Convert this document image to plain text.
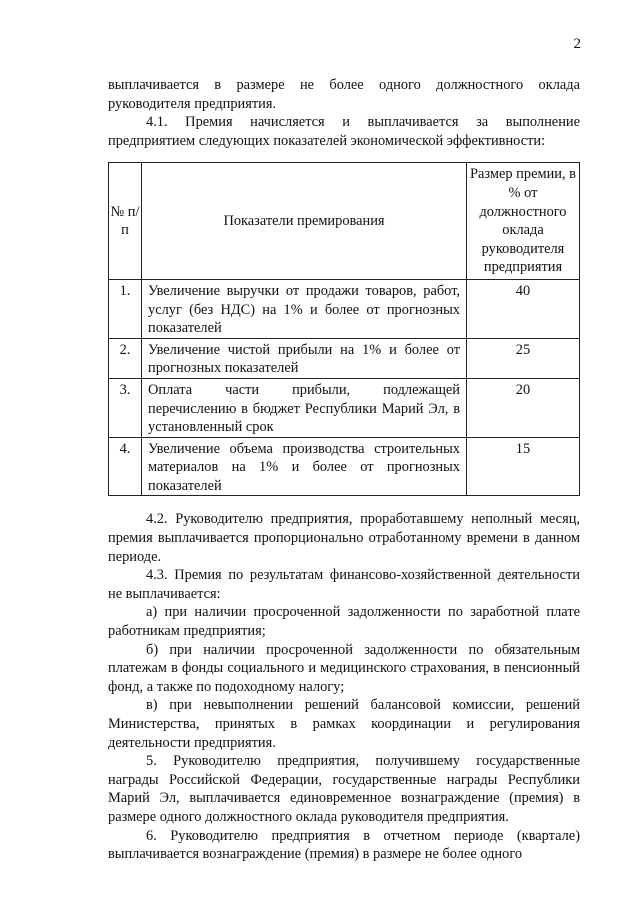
2

выплачивается в размере не более одного должностного оклада руководителя предприятия.

4.1. Премия начисляется и выплачивается за выполнение предприятием следующих показателей экономической эффективности:

№ п/п	Показатели премирования	Размер премии, в % от должностного оклада руководителя предприятия
1.	Увеличение выручки от продажи товаров, работ, услуг (без НДС) на 1% и более от прогнозных показателей	40
2.	Увеличение чистой прибыли на 1% и более от прогнозных показателей	25
3.	Оплата части прибыли, подлежащей перечислению в бюджет Республики Марий Эл, в установленный срок	20
4.	Увеличение объема производства строительных материалов на 1% и более от прогнозных показателей	15

4.2. Руководителю предприятия, проработавшему неполный месяц, премия выплачивается пропорционально отработанному времени в данном периоде.

4.3. Премия по результатам финансово-хозяйственной деятельности не выплачивается:

а) при наличии просроченной задолженности по заработной плате работникам предприятия;

б) при наличии просроченной задолженности по обязательным платежам в фонды социального и медицинского страхования, в пенсионный фонд, а также по подоходному налогу;

в) при невыполнении решений балансовой комиссии, решений Министерства, принятых в рамках координации и регулирования деятельности предприятия.

5. Руководителю предприятия, получившему государственные награды Российской Федерации, государственные награды Республики Марий Эл, выплачивается единовременное вознаграждение (премия) в размере одного должностного оклада руководителя предприятия.

6. Руководителю предприятия в отчетном периоде (квартале) выплачивается вознаграждение (премия) в размере не более одного
